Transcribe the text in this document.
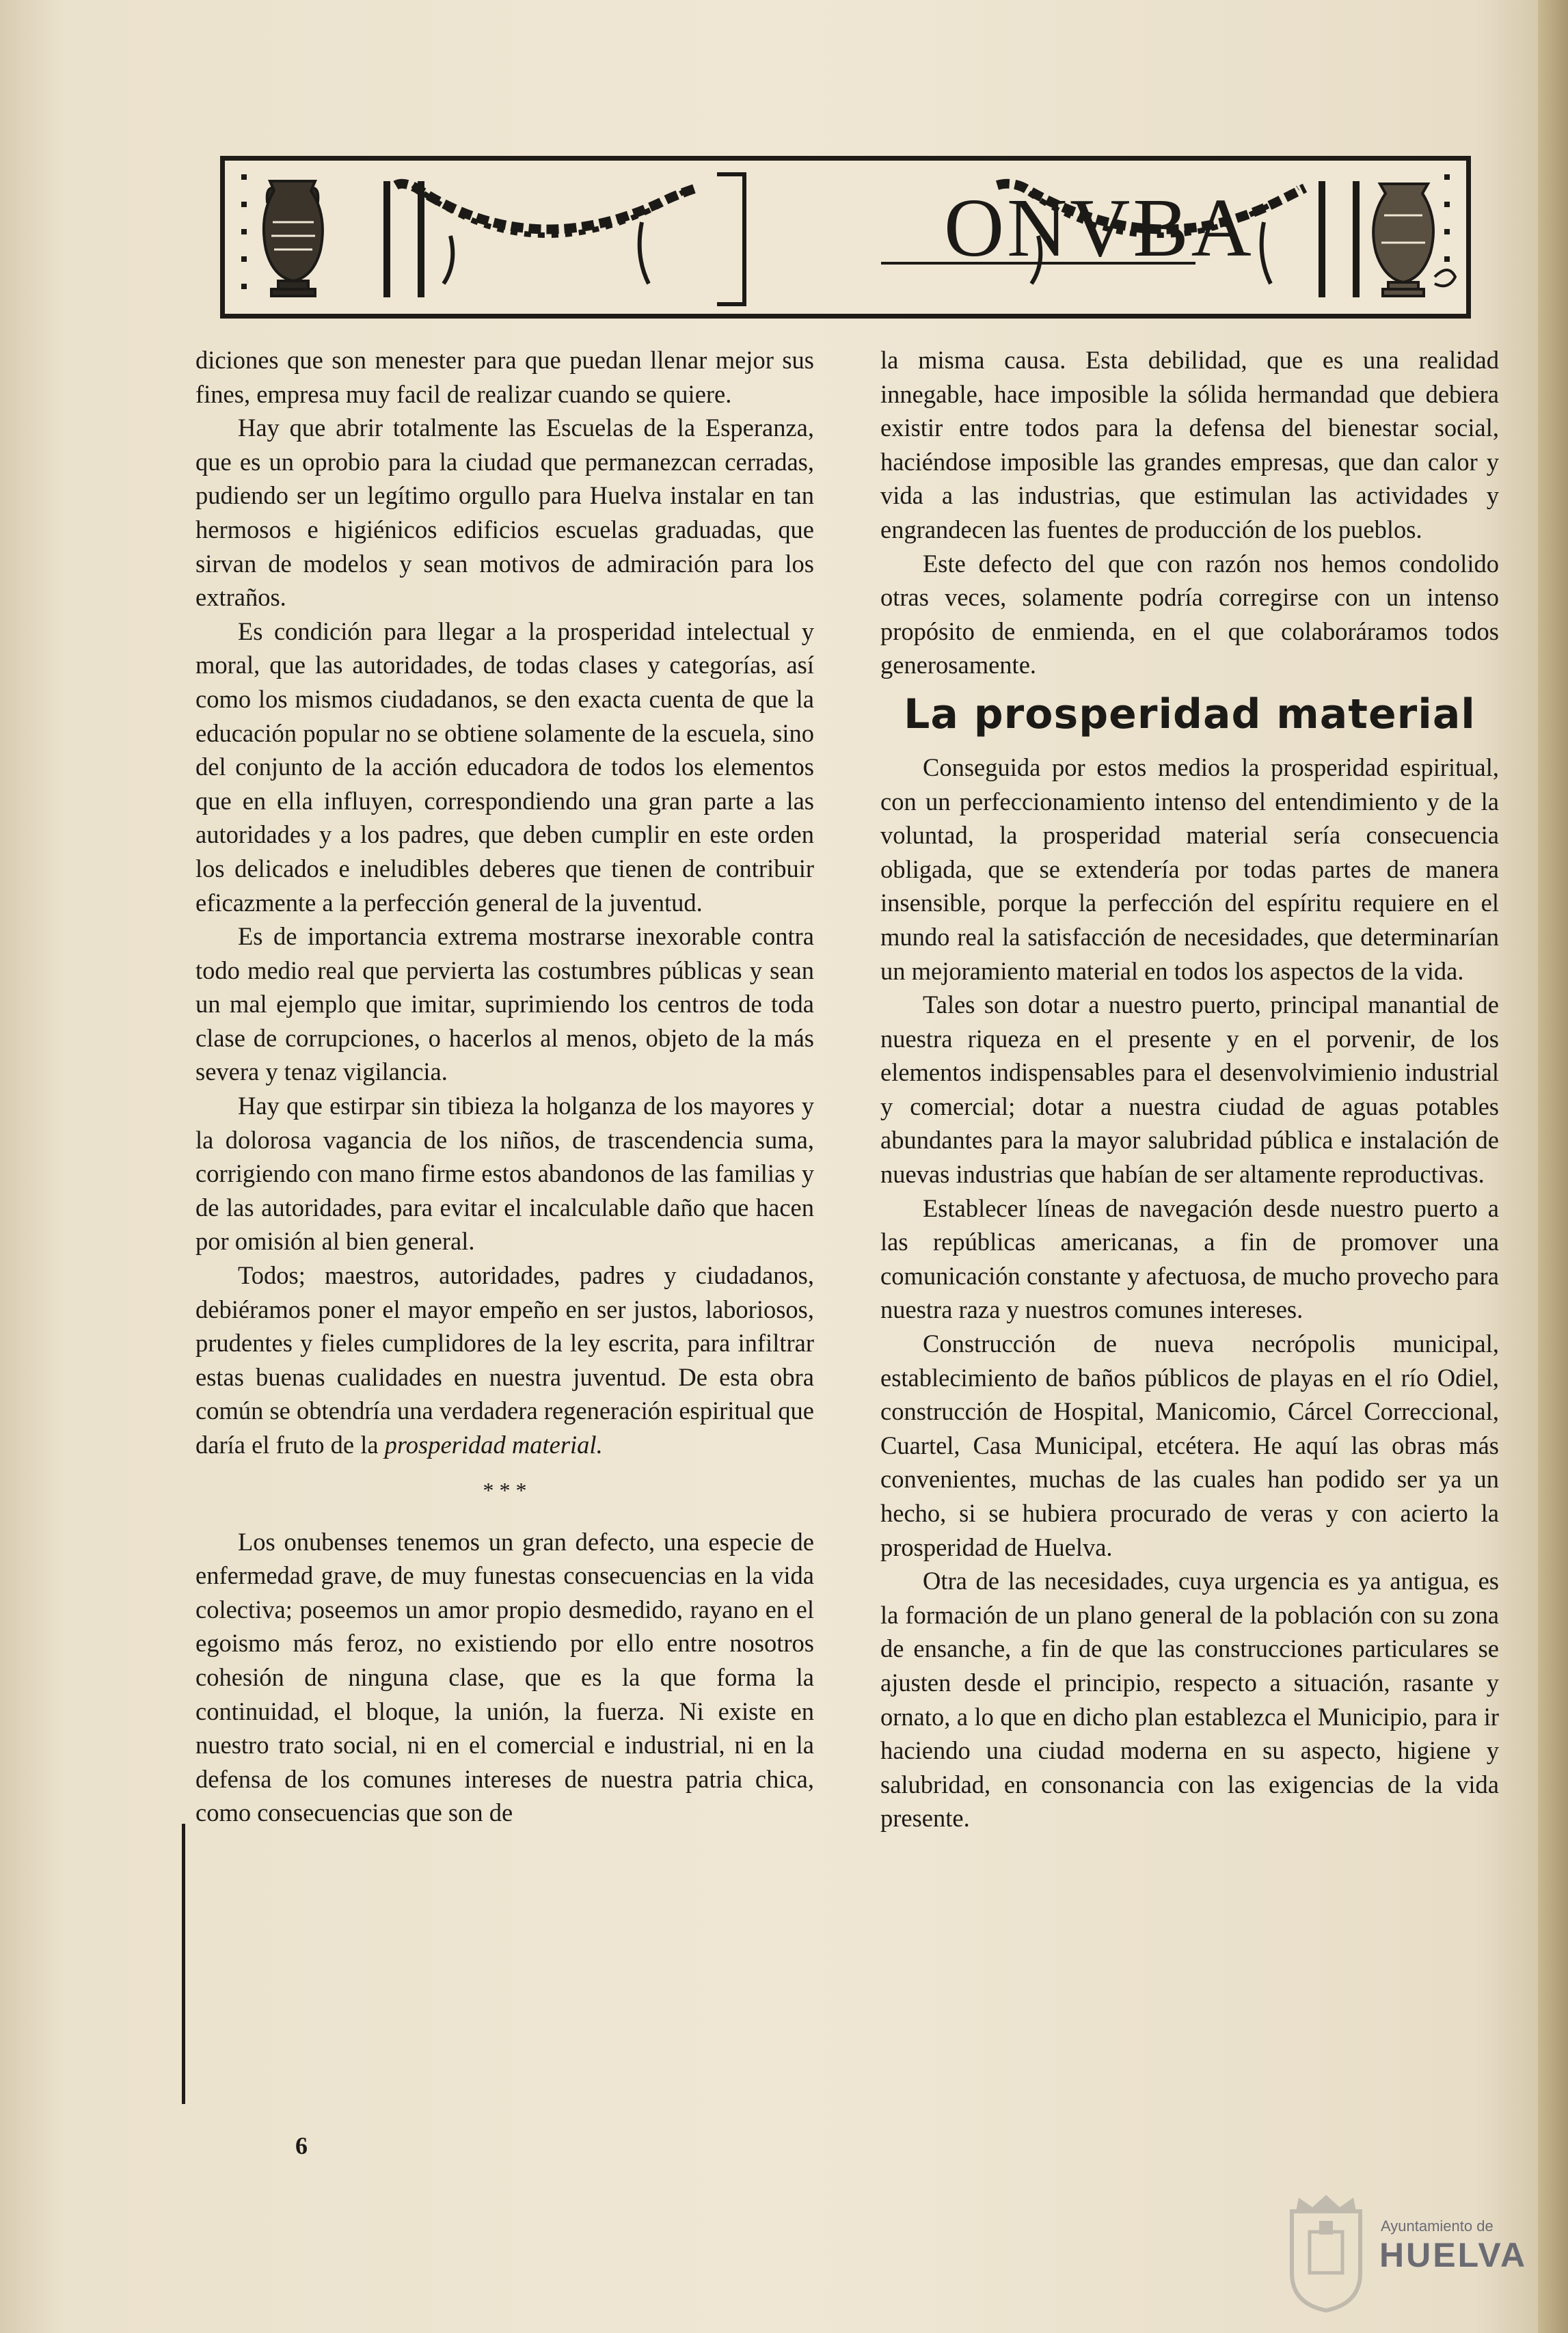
ONVBA

diciones que son menester para que puedan llenar mejor sus fines, empresa muy facil de realizar cuando se quiere.

Hay que abrir totalmente las Escuelas de la Esperanza, que es un oprobio para la ciudad que permanezcan cerradas, pudiendo ser un legítimo orgullo para Huelva instalar en tan hermosos e higiénicos edificios escuelas graduadas, que sirvan de modelos y sean motivos de admiración para los extraños.

Es condición para llegar a la prosperidad intelectual y moral, que las autoridades, de todas clases y categorías, así como los mismos ciudadanos, se den exacta cuenta de que la educación popular no se obtiene solamente de la escuela, sino del conjunto de la acción educadora de todos los elementos que en ella influyen, correspondiendo una gran parte a las autoridades y a los padres, que deben cumplir en este orden los delicados e ineludibles deberes que tienen de contribuir eficazmente a la perfección general de la juventud.

Es de importancia extrema mostrarse inexorable contra todo medio real que pervierta las costumbres públicas y sean un mal ejemplo que imitar, suprimiendo los centros de toda clase de corrupciones, o hacerlos al menos, objeto de la más severa y tenaz vigilancia.

Hay que estirpar sin tibieza la holganza de los mayores y la dolorosa vagancia de los niños, de trascendencia suma, corrigiendo con mano firme estos abandonos de las familias y de las autoridades, para evitar el incalculable daño que hacen por omisión al bien general.

Todos; maestros, autoridades, padres y ciudadanos, debiéramos poner el mayor empeño en ser justos, laboriosos, prudentes y fieles cumplidores de la ley escrita, para infiltrar estas buenas cualidades en nuestra juventud. De esta obra común se obtendría una verdadera regeneración espiritual que daría el fruto de la prosperidad material.

* * *

Los onubenses tenemos un gran defecto, una especie de enfermedad grave, de muy funestas consecuencias en la vida colectiva; poseemos un amor propio desmedido, rayano en el egoismo más feroz, no existiendo por ello entre nosotros cohesión de ninguna clase, que es la que forma la continuidad, el bloque, la unión, la fuerza. Ni existe en nuestro trato social, ni en el comercial e industrial, ni en la defensa de los comunes intereses de nuestra patria chica, como consecuencias que son de

la misma causa. Esta debilidad, que es una realidad innegable, hace imposible la sólida hermandad que debiera existir entre todos para la defensa del bienestar social, haciéndose imposible las grandes empresas, que dan calor y vida a las industrias, que estimulan las actividades y engrandecen las fuentes de producción de los pueblos.

Este defecto del que con razón nos hemos condolido otras veces, solamente podría corregirse con un intenso propósito de enmienda, en el que colaboráramos todos generosamente.

La prosperidad material

Conseguida por estos medios la prosperidad espiritual, con un perfeccionamiento intenso del entendimiento y de la voluntad, la prosperidad material sería consecuencia obligada, que se extendería por todas partes de manera insensible, porque la perfección del espíritu requiere en el mundo real la satisfacción de necesidades, que determinarían un mejoramiento material en todos los aspectos de la vida.

Tales son dotar a nuestro puerto, principal manantial de nuestra riqueza en el presente y en el porvenir, de los elementos indispensables para el desenvolvimienio industrial y comercial; dotar a nuestra ciudad de aguas potables abundantes para la mayor salubridad pública e instalación de nuevas industrias que habían de ser altamente reproductivas.

Establecer líneas de navegación desde nuestro puerto a las repúblicas americanas, a fin de promover una comunicación constante y afectuosa, de mucho provecho para nuestra raza y nuestros comunes intereses.

Construcción de nueva necrópolis municipal, establecimiento de baños públicos de playas en el río Odiel, construcción de Hospital, Manicomio, Cárcel Correccional, Cuartel, Casa Municipal, etcétera. He aquí las obras más convenientes, muchas de las cuales han podido ser ya un hecho, si se hubiera procurado de veras y con acierto la prosperidad de Huelva.

Otra de las necesidades, cuya urgencia es ya antigua, es la formación de un plano general de la población con su zona de ensanche, a fin de que las construcciones particulares se ajusten desde el principio, respecto a situación, rasante y ornato, a lo que en dicho plan establezca el Municipio, para ir haciendo una ciudad moderna en su aspecto, higiene y salubridad, en consonancia con las exigencias de la vida presente.

6
Ayuntamiento de
HUELVA
